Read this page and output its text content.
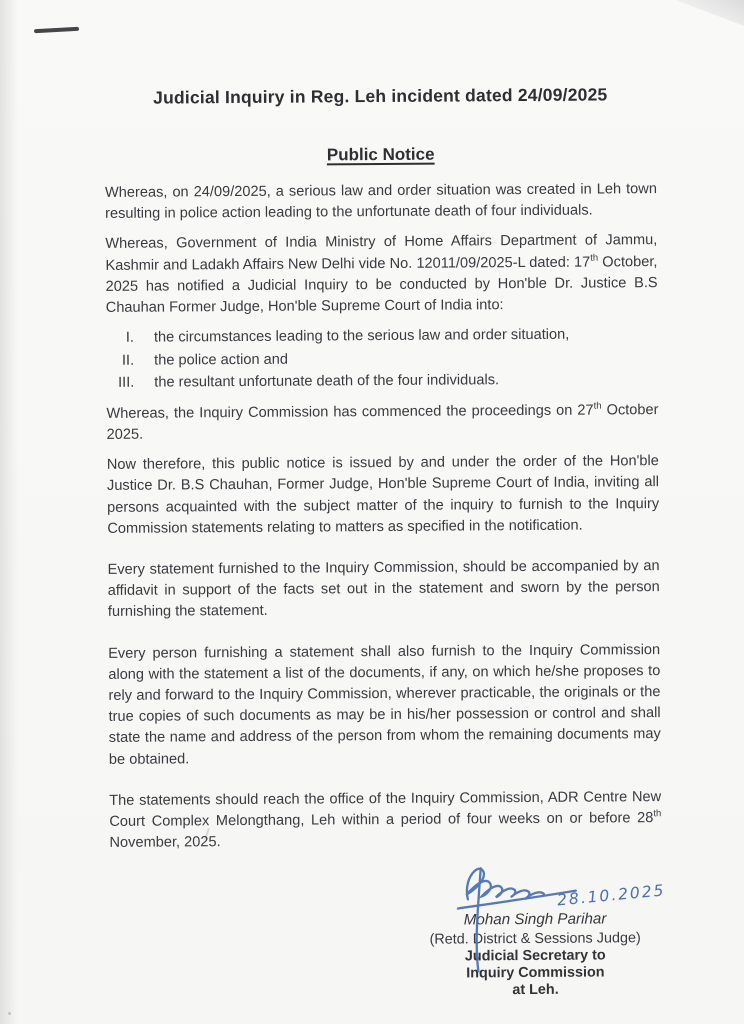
Judicial Inquiry in Reg. Leh incident dated 24/09/2025
Public Notice

Whereas, on 24/09/2025, a serious law and order situation was created in Leh town resulting in police action leading to the unfortunate death of four individuals.

Whereas, Government of India Ministry of Home Affairs Department of Jammu, Kashmir and Ladakh Affairs New Delhi vide No. 12011/09/2025-L dated: 17th October, 2025 has notified a Judicial Inquiry to be conducted by Hon'ble Dr. Justice B.S Chauhan Former Judge, Hon'ble Supreme Court of India into:

I. the circumstances leading to the serious law and order situation,
II. the police action and
III. the resultant unfortunate death of the four individuals.

Whereas, the Inquiry Commission has commenced the proceedings on 27th October 2025.

Now therefore, this public notice is issued by and under the order of the Hon'ble Justice Dr. B.S Chauhan, Former Judge, Hon'ble Supreme Court of India, inviting all persons acquainted with the subject matter of the inquiry to furnish to the Inquiry Commission statements relating to matters as specified in the notification.

Every statement furnished to the Inquiry Commission, should be accompanied by an affidavit in support of the facts set out in the statement and sworn by the person furnishing the statement.

Every person furnishing a statement shall also furnish to the Inquiry Commission along with the statement a list of the documents, if any, on which he/she proposes to rely and forward to the Inquiry Commission, wherever practicable, the originals or the true copies of such documents as may be in his/her possession or control and shall state the name and address of the person from whom the remaining documents may be obtained.

The statements should reach the office of the Inquiry Commission, ADR Centre New Court Complex Melongthang, Leh within a period of four weeks on or before 28th November, 2025.

28.10.2025
Mohan Singh Parihar
(Retd. District & Sessions Judge)
Judicial Secretary to
Inquiry Commission
at Leh.
